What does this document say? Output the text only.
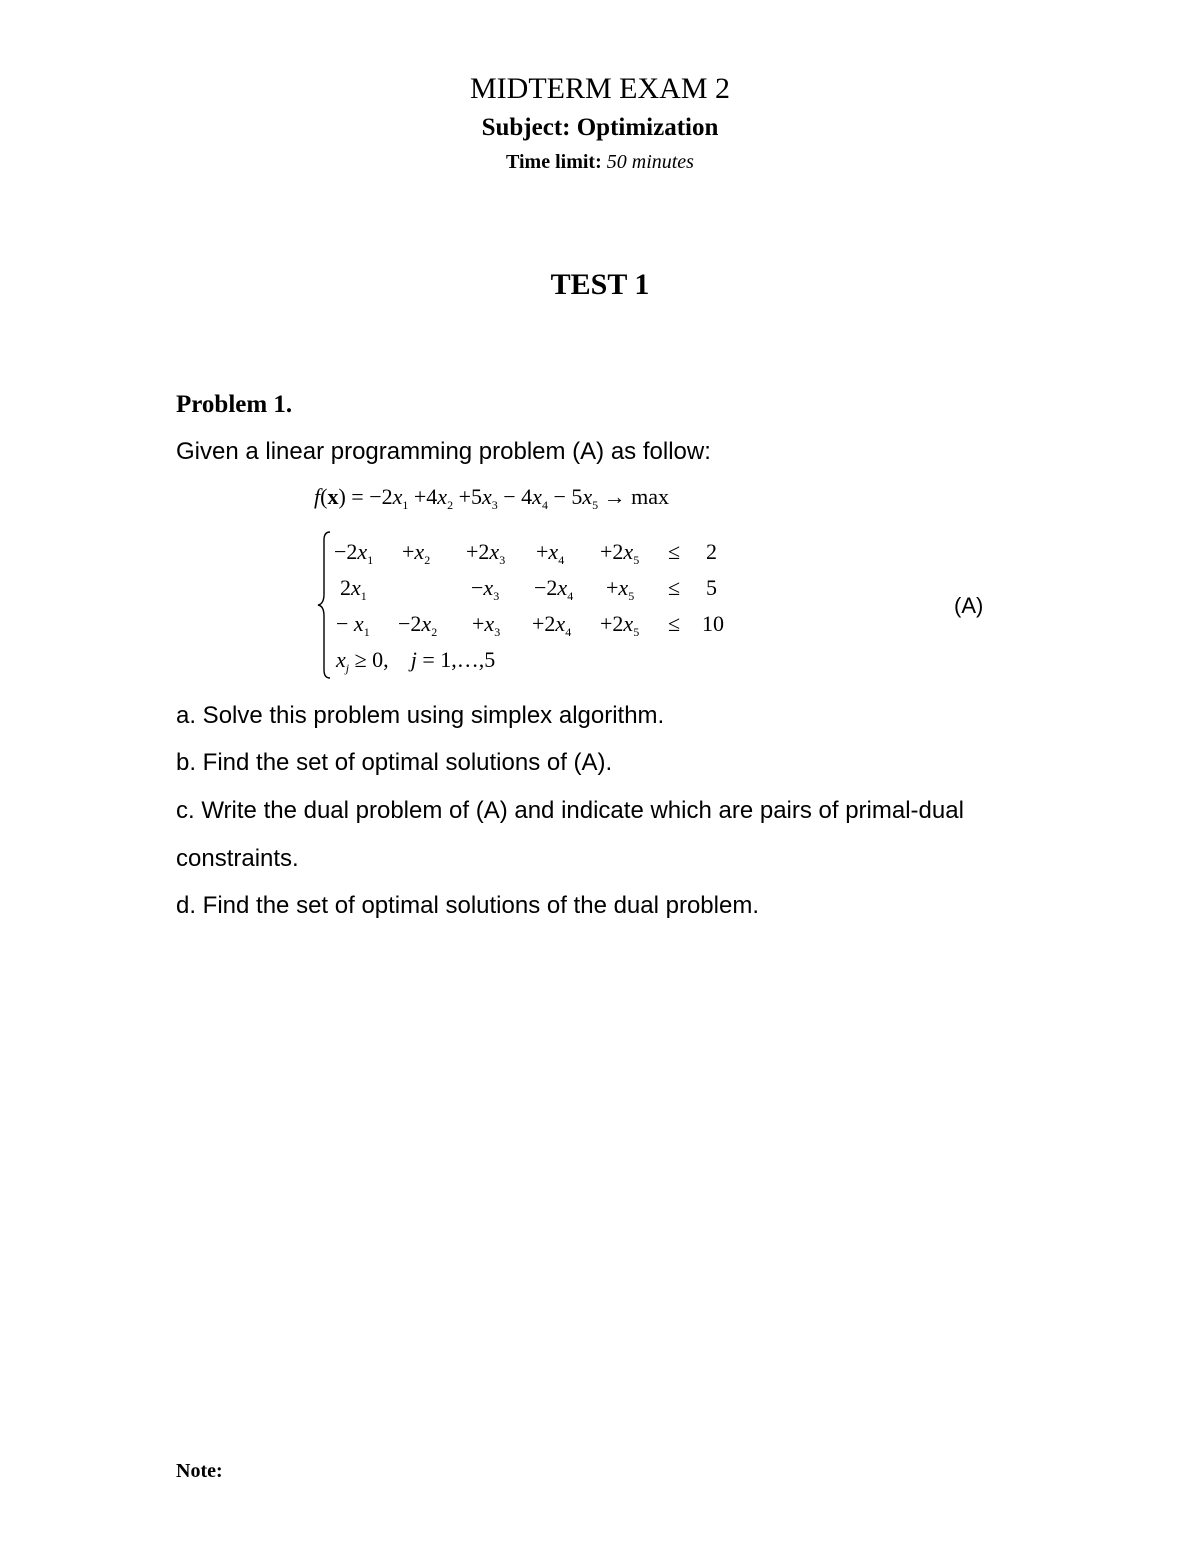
MIDTERM EXAM 2
Subject: Optimization
Time limit: 50 minutes
TEST 1
Problem 1.
Given a linear programming problem (A) as follow:
$f(x) = -2x_1 +4x_2 +5x_3 - 4x_4 - 5x_5 \to \max$
$-2x_1 +x_2 +2x_3 +x_4 +2x_5 \le 2$
$2x_1$	$-x_3 -2x_4 +x_5 \le 5$
− $x_1 -2x_2 +x_3 +2x_4 +2x_5 \le 10$
$x_j \ge 0$,    j = 1,…,5
(A)
a. Solve this problem using simplex algorithm.
b. Find the set of optimal solutions of (A).
c. Write the dual problem of (A) and indicate which are pairs of primal-dual
constraints.
d. Find the set of optimal solutions of the dual problem.
Note:
